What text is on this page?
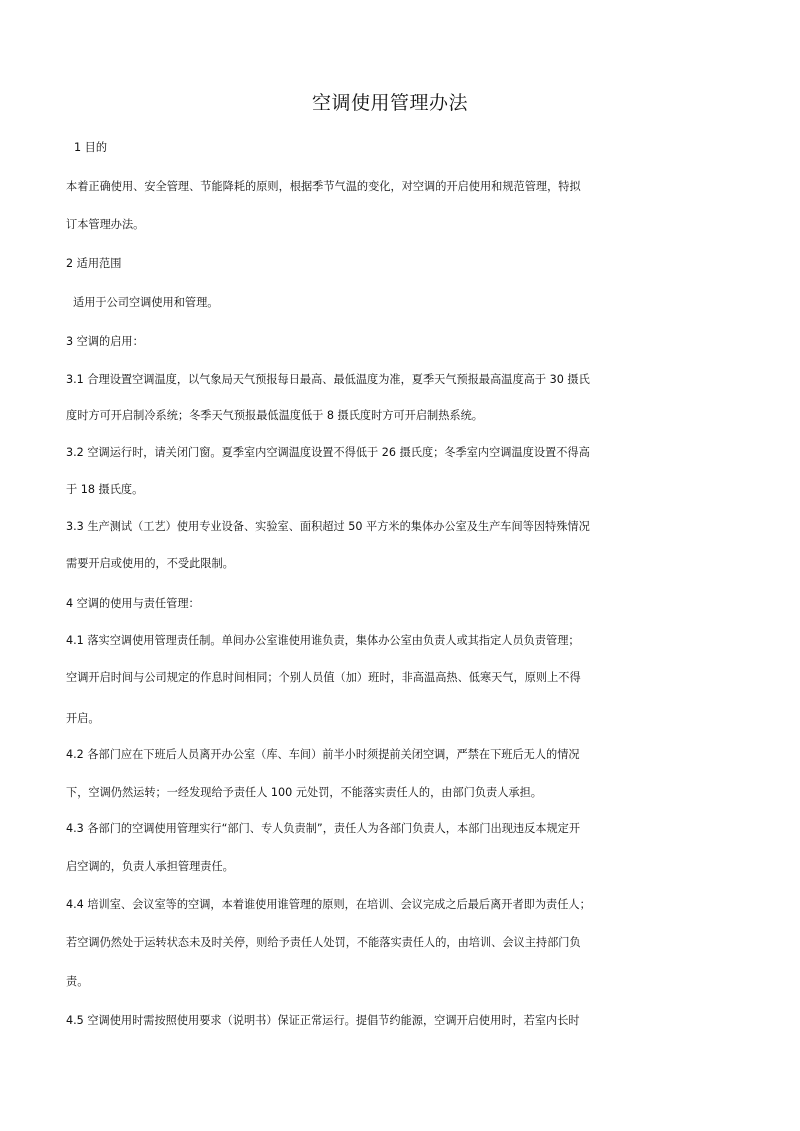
空调使用管理办法
1 目的
本着正确使用、安全管理、节能降耗的原则，根据季节气温的变化，对空调的开启使用和规范管理，特拟
订本管理办法。
2 适用范围
适用于公司空调使用和管理。
3 空调的启用：
3.1 合理设置空调温度，以气象局天气预报每日最高、最低温度为准，夏季天气预报最高温度高于 30 摄氏
度时方可开启制冷系统；冬季天气预报最低温度低于 8 摄氏度时方可开启制热系统。
3.2 空调运行时，请关闭门窗。夏季室内空调温度设置不得低于 26 摄氏度；冬季室内空调温度设置不得高
于 18 摄氏度。
3.3 生产测试（工艺）使用专业设备、实验室、面积超过 50 平方米的集体办公室及生产车间等因特殊情况
需要开启或使用的，不受此限制。
4 空调的使用与责任管理：
4.1 落实空调使用管理责任制。单间办公室谁使用谁负责，集体办公室由负责人或其指定人员负责管理；
空调开启时间与公司规定的作息时间相同；个别人员值（加）班时，非高温高热、低寒天气，原则上不得
开启。
4.2 各部门应在下班后人员离开办公室（库、车间）前半小时须提前关闭空调，严禁在下班后无人的情况
下，空调仍然运转；一经发现给予责任人 100 元处罚，不能落实责任人的，由部门负责人承担。
4.3 各部门的空调使用管理实行“部门、专人负责制”，责任人为各部门负责人，本部门出现违反本规定开
启空调的，负责人承担管理责任。
4.4 培训室、会议室等的空调，本着谁使用谁管理的原则，在培训、会议完成之后最后离开者即为责任人；
若空调仍然处于运转状态未及时关停，则给予责任人处罚，不能落实责任人的，由培训、会议主持部门负
责。
4.5 空调使用时需按照使用要求（说明书）保证正常运行。提倡节约能源，空调开启使用时，若室内长时
